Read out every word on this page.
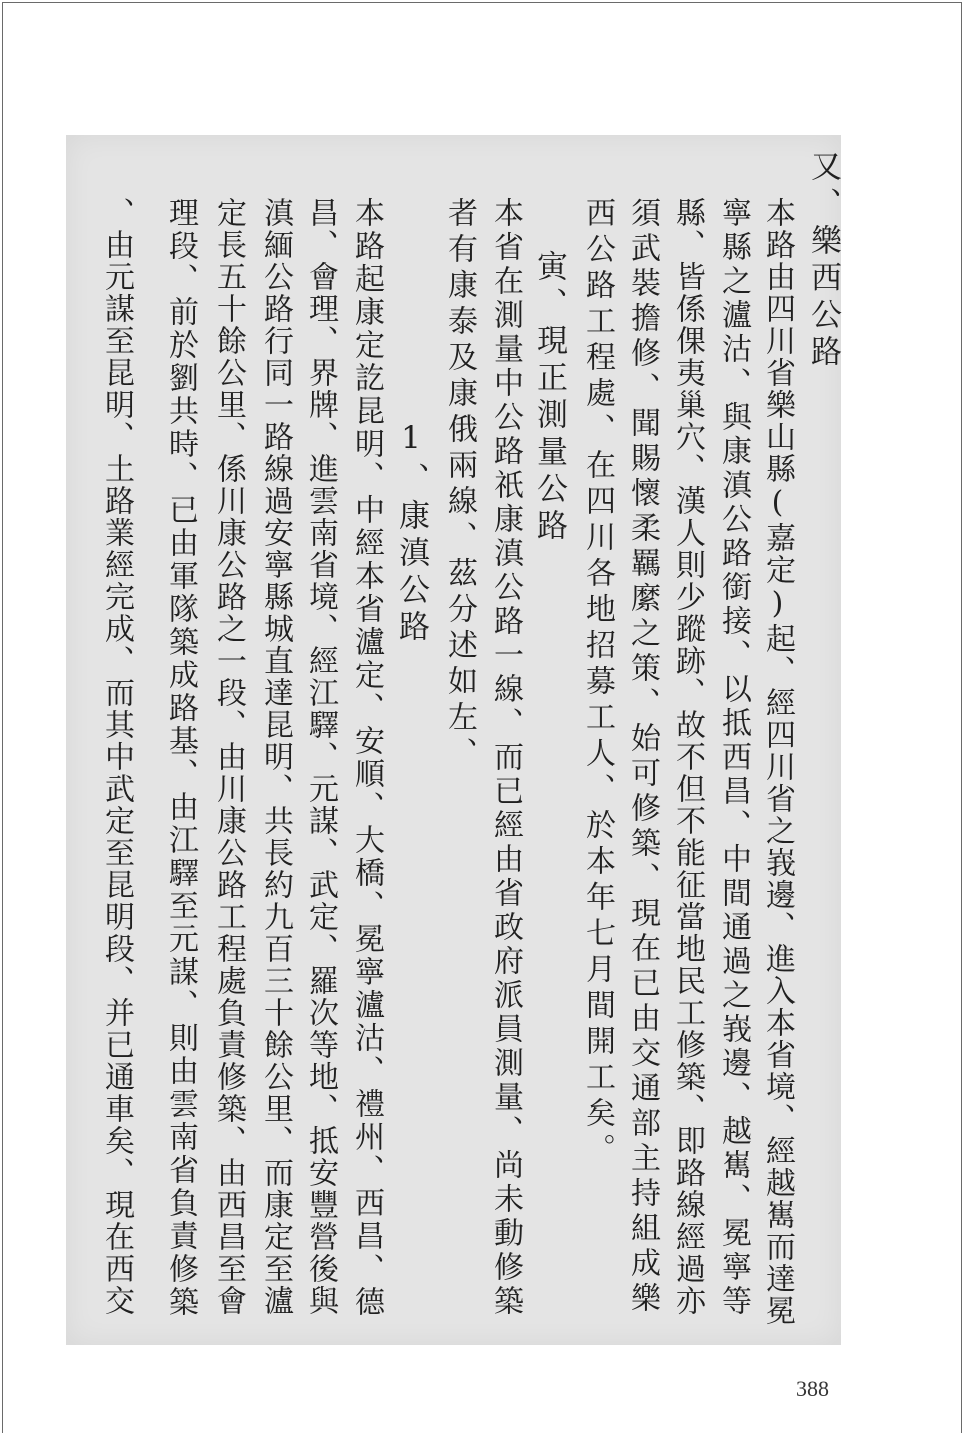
又、樂西公路
本路由四川省樂山縣(嘉定)起、經四川省之峩邊、進入本省境、經越嶲而達冕
寧縣之瀘沽、與康滇公路銜接、以抵西昌、中間通過之峩邊、越嶲、冕寧等
縣、皆係倮夷巢穴、漢人則少蹤跡、故不但不能征當地民工修築、即路線經過亦
須武裝擔修、聞賜懷柔羈縻之策、始可修築、現在已由交通部主持組成樂
西公路工程處、在四川各地招募工人、於本年七月間開工矣。
寅、現正測量公路
本省在測量中公路祇康滇公路一線、而已經由省政府派員測量、尚未動修築
者有康泰及康俄兩線、茲分述如左、
1、康滇公路
本路起康定訖昆明、中經本省瀘定、安順、大橋、冕寧瀘沽、禮州、西昌、德
昌、會理、界牌、進雲南省境、經江驛、元謀、武定、羅次等地、抵安豐營後與
滇緬公路行同一路線過安寧縣城直達昆明、共長約九百三十餘公里、而康定至瀘
定長五十餘公里、係川康公路之一段、由川康公路工程處負責修築、由西昌至會
理段、前於劉共時、已由軍隊築成路基、由江驛至元謀、則由雲南省負責修築
、由元謀至昆明、土路業經完成、而其中武定至昆明段、并已通車矣、現在西交
388
